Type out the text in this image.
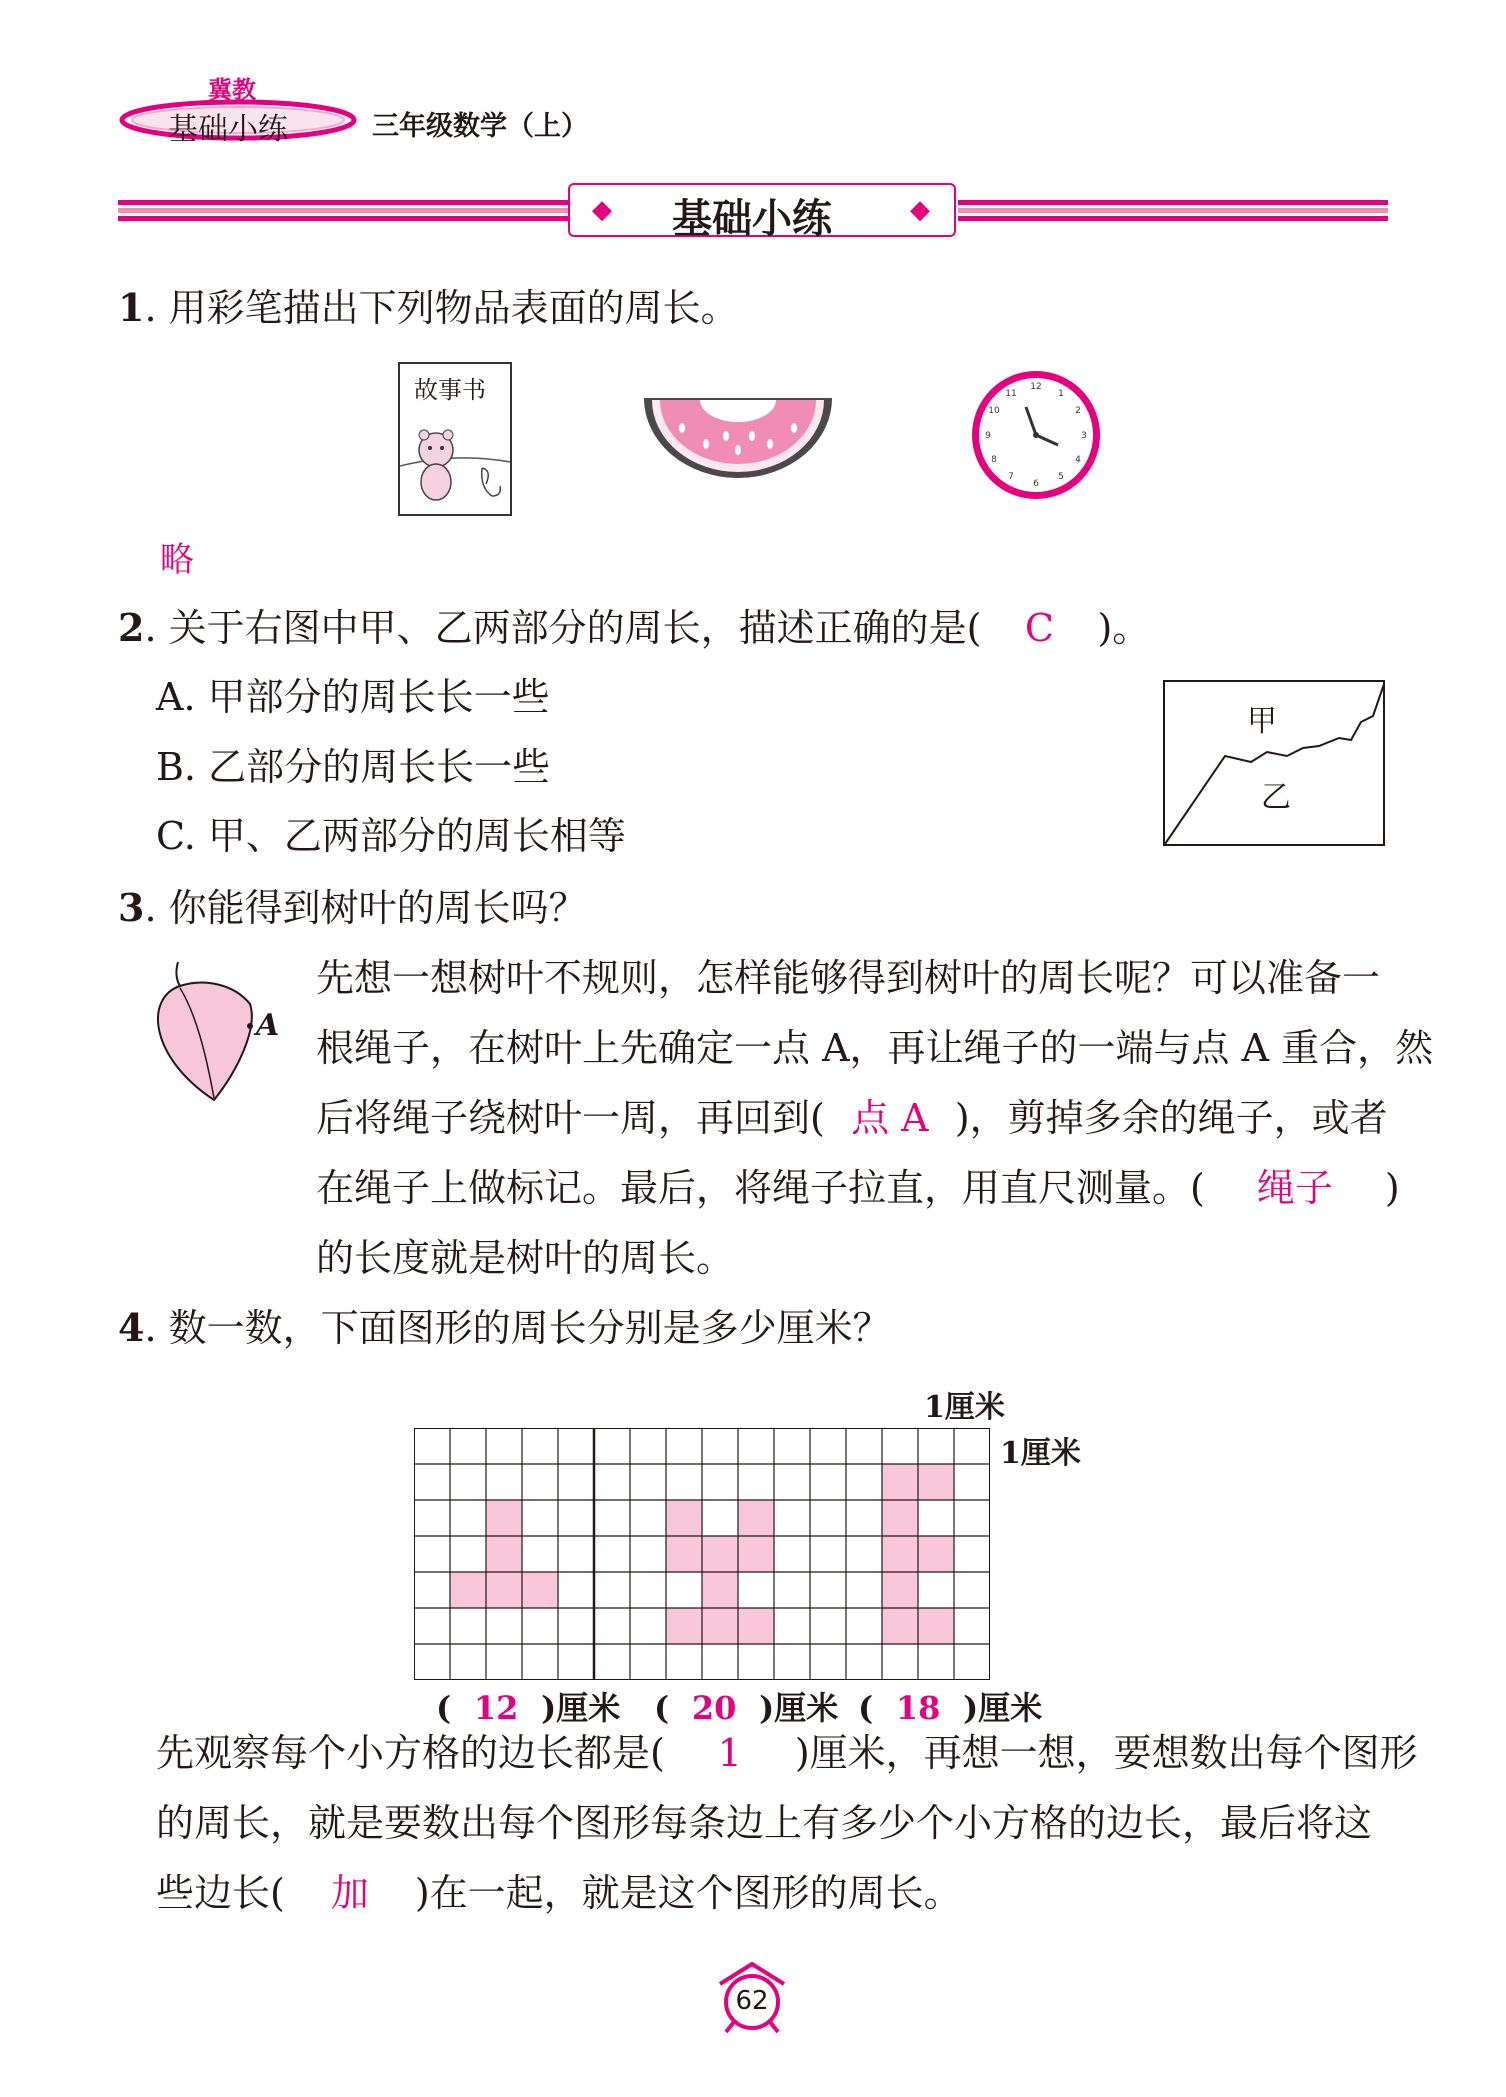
冀教
基础小练	三年级数学（上）
◆ 基础小练	◆
1. 用彩笔描出下列物品表面的周长。
故事书	12
1
2
3
4
5
6
7
8
9
10
11
略
2. 关于右图中甲、乙两部分的周长，描述正确的是( C )。
A. 甲部分的周长长一些
B. 乙部分的周长长一些
C. 甲、乙两部分的周长相等
甲
乙
3. 你能得到树叶的周长吗？
A
先想一想树叶不规则，怎样能够得到树叶的周长呢？可以准备一
根绳子，在树叶上先确定一点 A，再让绳子的一端与点 A 重合，然
后将绳子绕树叶一周，再回到( 点 A )，剪掉多余的绳子，或者
在绳子上做标记。最后，将绳子拉直，用直尺测量。( 绳子 )
的长度就是树叶的周长。
4. 数一数，下面图形的周长分别是多少厘米？
1厘米
1厘米
( 12 )厘米 ( 20 )厘米 ( 18 )厘米
先观察每个小方格的边长都是( 1 )厘米，再想一想，要想数出每个图形
的周长，就是要数出每个图形每条边上有多少个小方格的边长，最后将这
些边长( 加 )在一起，就是这个图形的周长。
62
